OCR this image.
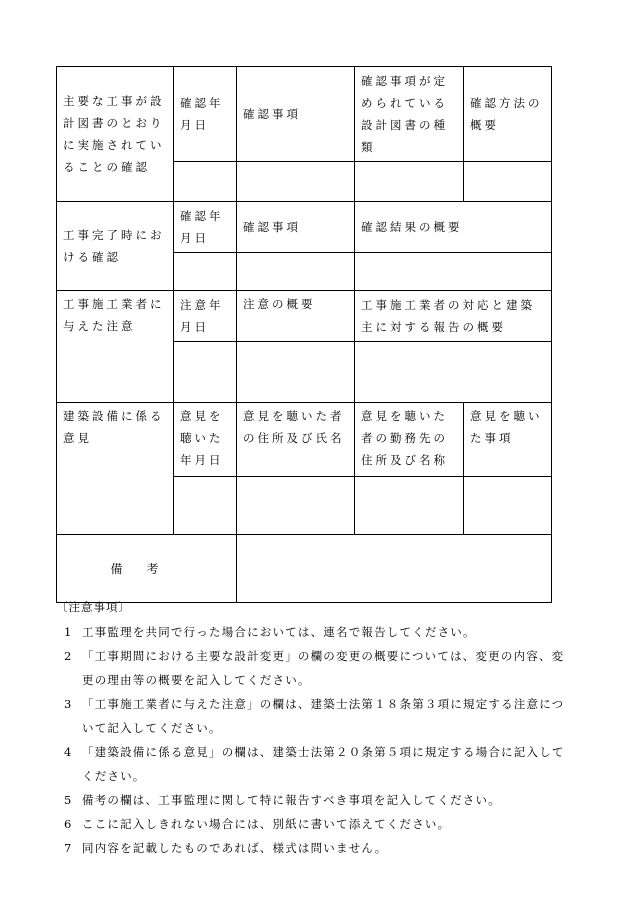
主要な工事が設計図書のとおりに実施されていることの確認	確認年月日	確認事項	確認事項が定められている設計図書の種類	確認方法の概要

工事完了時における確認	確認年月日	確認事項	確認結果の概要	

工事施工業者に与えた注意	注意年月日	注意の概要	工事施工業者の対応と建築主に対する報告の概要	

建築設備に係る意見	意見を聴いた年月日	意見を聴いた者の住所及び氏名	意見を聴いた者の勤務先の住所及び名称	意見を聴いた事項

備考				
〔注意事項〕
1 工事監理を共同で行った場合においては、連名で報告してください。
2 「工事期間における主要な設計変更」の欄の変更の概要については、変更の内容、変更の理由等の概要を記入してください。
3 「工事施工業者に与えた注意」の欄は、建築士法第１８条第３項に規定する注意について記入してください。
4 「建築設備に係る意見」の欄は、建築士法第２０条第５項に規定する場合に記入してください。
5 備考の欄は、工事監理に関して特に報告すべき事項を記入してください。
6 ここに記入しきれない場合には、別紙に書いて添えてください。
7 同内容を記載したものであれば、様式は問いません。
